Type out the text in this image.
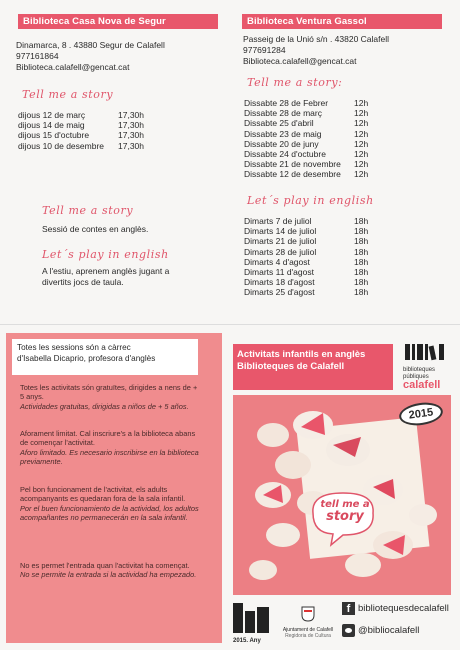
Biblioteca Casa Nova de Segur
Dinamarca, 8 . 43880 Segur de Calafell
977161864
Biblioteca.calafell@gencat.cat
Tell me a story
dijous 12 de març	17,30h
dijous 14 de maig	17,30h
dijous 15 d'octubre	17,30h
dijous 10 de desembre	17,30h
Tell me a story
Sessió de contes en anglès.
Let´s play in english
A l'estiu, aprenem anglès jugant a
divertits jocs de taula.
Biblioteca Ventura Gassol
Passeig de la Unió s/n . 43820 Calafell
977691284
Biblioteca.calafell@gencat.cat
Tell me a story:
Dissabte 28 de Febrer	12h
Dissabte 28 de març	12h
Dissabte 25 d'abril	12h
Dissabte 23 de maig	12h
Dissabte 20 de juny	12h
Dissabte 24 d'octubre	12h
Dissabte 21 de novembre	12h
Dissabte 12 de desembre	12h
Let´s play in english
Dimarts 7 de juliol	18h
Dimarts 14 de juliol	18h
Dimarts 21 de juliol	18h
Dimarts 28 de juliol	18h
Dimarts 4 d'agost	18h
Dimarts 11 d'agost	18h
Dimarts 18 d'agost	18h
Dimarts 25 d'agost	18h
Totes les sessions són a càrrec
d'Isabella Dicaprio, profesora d'anglès
Totes les activitats són gratuïtes, dirigides a nens de + 5 anys.
Actividades gratuitas, dirigidas a niños de + 5 años.
Aforament limitat. Cal inscriure's a la biblioteca abans de començar l'activitat.
Aforo limitado. Es necesario inscribirse en la biblioteca previamente.
Pel bon funcionament de l'activitat, els adults acompanyants es quedaran fora de la sala infantil.
Por el buen funcionamiento de la actividad, los adultos acompañantes no permanecerán en la sala infantil.
No es permet l'entrada quan l'activitat ha començat.
No se permite la entrada si la actividad ha empezado.
Activitats infantils en anglès
Biblioteques de Calafell	biblioteques
públiques
calafell
2015
tell me a
story
2015. Any
Ajuntament de Calafell
Regidoria de Cultura
f bibliotequesdecalafell
@bibliocalafell
